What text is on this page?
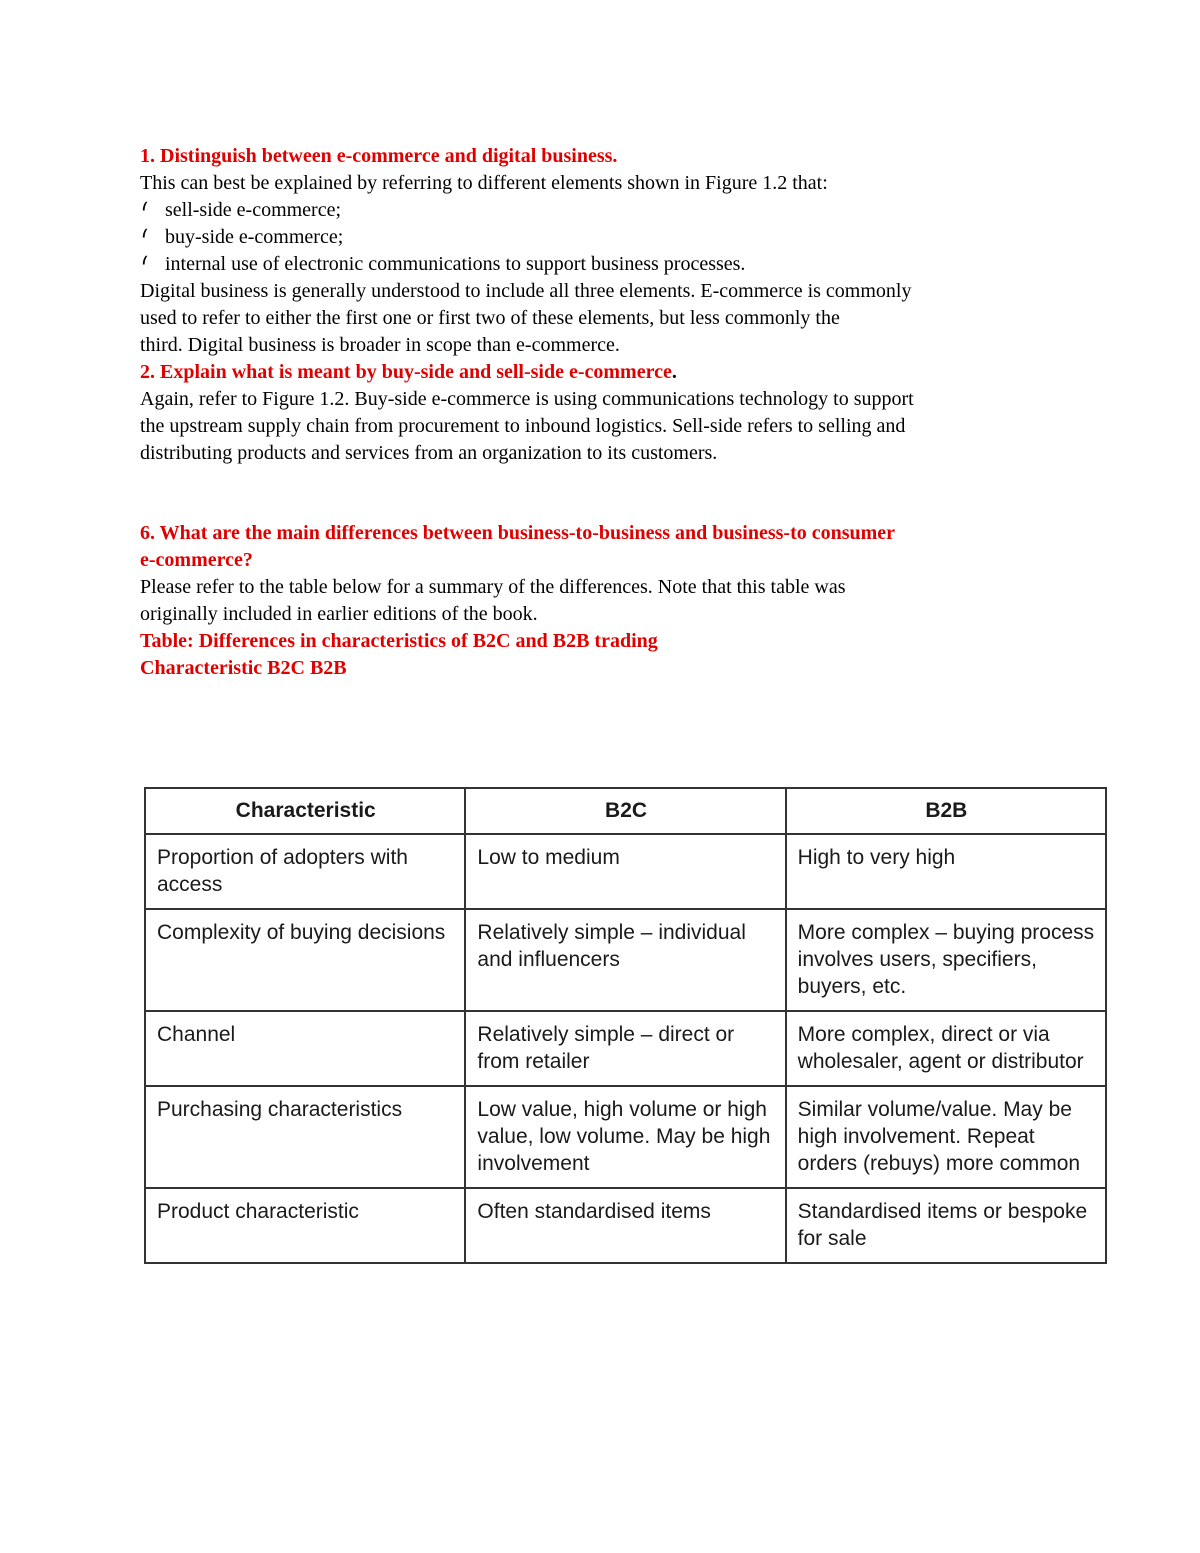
1. Distinguish between e-commerce and digital business.
This can best be explained by referring to different elements shown in Figure 1.2 that:
⹙ sell-side e-commerce;
⹙ buy-side e-commerce;
⹙ internal use of electronic communications to support business processes.
Digital business is generally understood to include all three elements. E-commerce is commonly
used to refer to either the first one or first two of these elements, but less commonly the
third. Digital business is broader in scope than e-commerce.
2. Explain what is meant by buy-side and sell-side e-commerce.
Again, refer to Figure 1.2. Buy-side e-commerce is using communications technology to support
the upstream supply chain from procurement to inbound logistics. Sell-side refers to selling and
distributing products and services from an organization to its customers.
6. What are the main differences between business-to-business and business-to consumer
e-commerce?
Please refer to the table below for a summary of the differences. Note that this table was
originally included in earlier editions of the book.
Table: Differences in characteristics of B2C and B2B trading
Characteristic B2C B2B
Characteristic	B2C	B2B
Proportion of adopters with access	Low to medium	High to very high
Complexity of buying decisions	Relatively simple – individual and influencers	More complex – buying process involves users, specifiers, buyers, etc.
Channel	Relatively simple – direct or from retailer	More complex, direct or via wholesaler, agent or distributor
Purchasing characteristics	Low value, high volume or high value, low volume. May be high involvement	Similar volume/value. May be high involvement. Repeat orders (rebuys) more common
Product characteristic	Often standardised items	Standardised items or bespoke for sale
